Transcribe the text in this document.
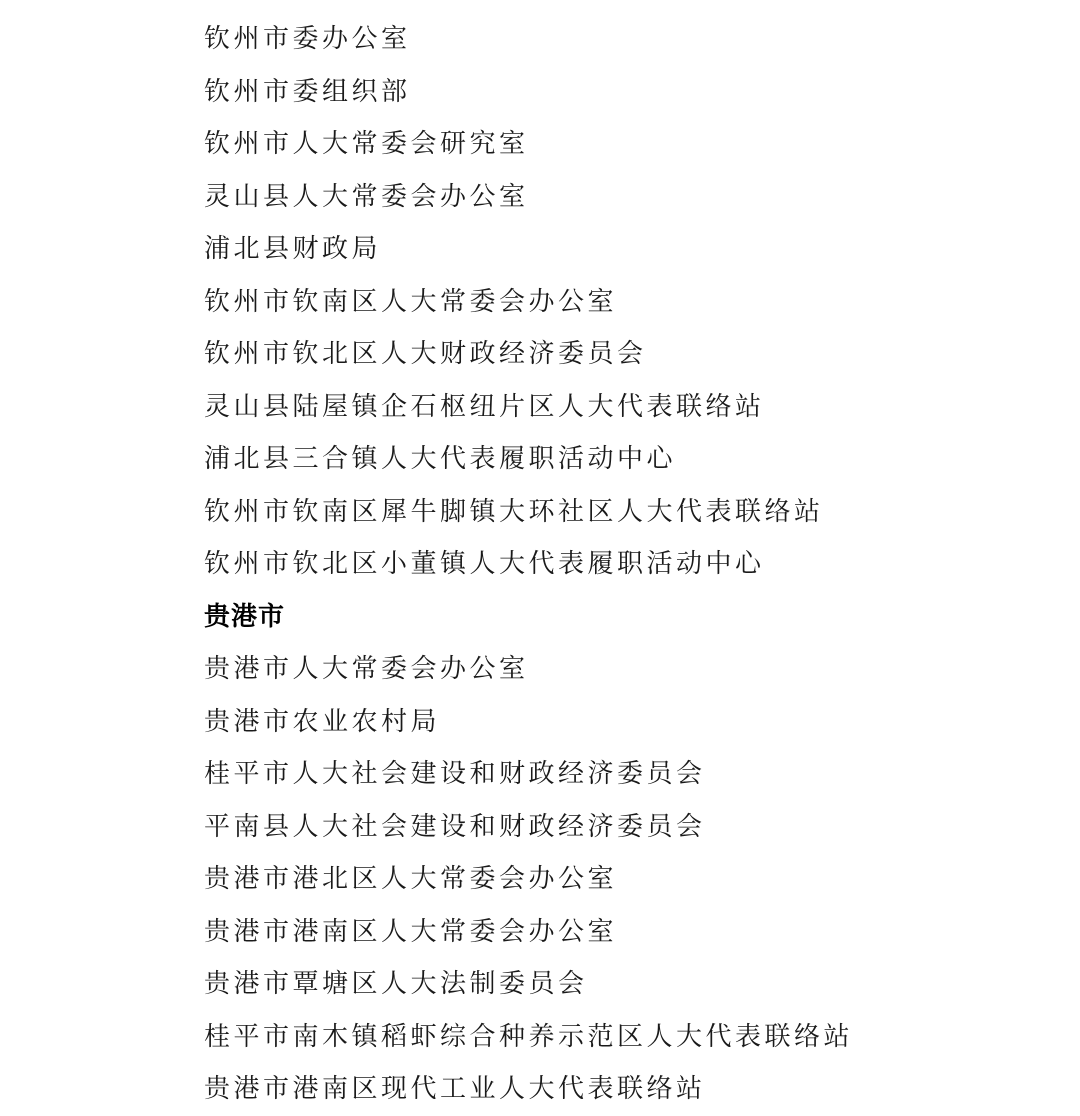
钦州市委办公室
钦州市委组织部
钦州市人大常委会研究室
灵山县人大常委会办公室
浦北县财政局
钦州市钦南区人大常委会办公室
钦州市钦北区人大财政经济委员会
灵山县陆屋镇企石枢纽片区人大代表联络站
浦北县三合镇人大代表履职活动中心
钦州市钦南区犀牛脚镇大环社区人大代表联络站
钦州市钦北区小董镇人大代表履职活动中心
贵港市
贵港市人大常委会办公室
贵港市农业农村局
桂平市人大社会建设和财政经济委员会
平南县人大社会建设和财政经济委员会
贵港市港北区人大常委会办公室
贵港市港南区人大常委会办公室
贵港市覃塘区人大法制委员会
桂平市南木镇稻虾综合种养示范区人大代表联络站
贵港市港南区现代工业人大代表联络站
